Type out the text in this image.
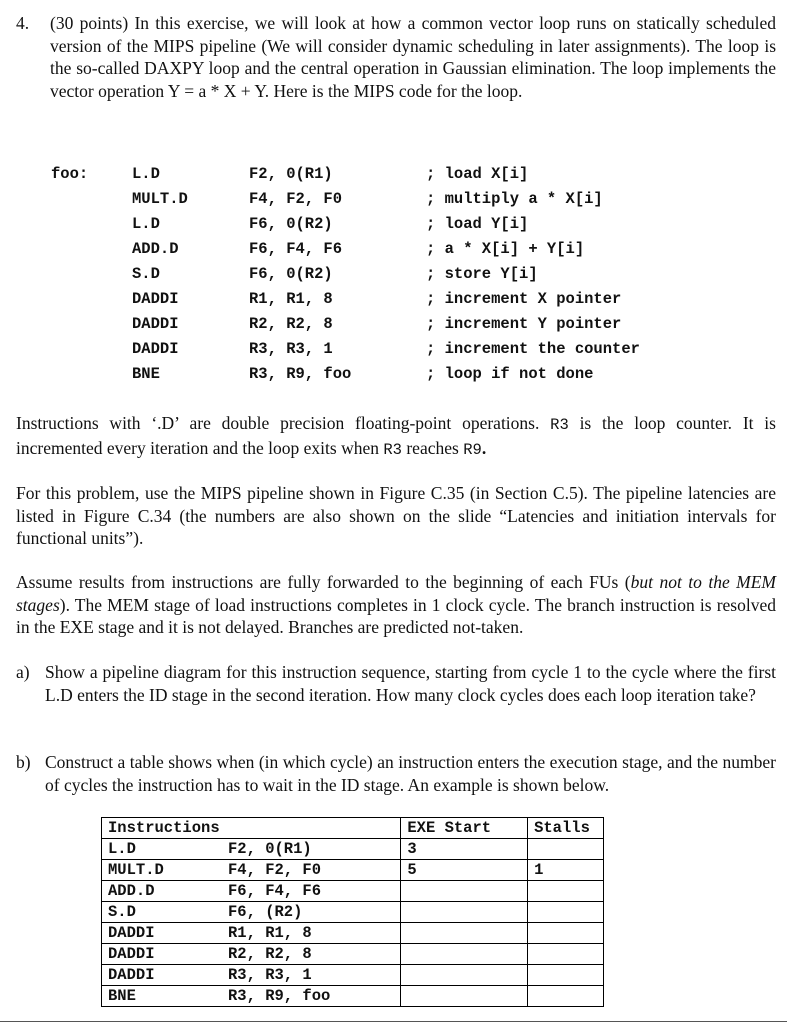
4. (30 points) In this exercise, we will look at how a common vector loop runs on statically scheduled version of the MIPS pipeline (We will consider dynamic scheduling in later assignments). The loop is the so-called DAXPY loop and the central operation in Gaussian elimination. The loop implements the vector operation Y = a * X + Y. Here is the MIPS code for the loop.
foo:	L.D	F2, 0(R1)	; load X[i]
MULT.D	F4, F2, F0	; multiply a * X[i]
L.D	F6, 0(R2)	; load Y[i]
ADD.D	F6, F4, F6	; a * X[i] + Y[i]
S.D	F6, 0(R2)	; store Y[i]
DADDI	R1, R1, 8	; increment X pointer
DADDI	R2, R2, 8	; increment Y pointer
DADDI	R3, R3, 1	; increment the counter
BNE	R3, R9, foo	; loop if not done
Instructions with ‘.D’ are double precision floating-point operations. R3 is the loop counter. It is incremented every iteration and the loop exits when R3 reaches R9.
For this problem, use the MIPS pipeline shown in Figure C.35 (in Section C.5). The pipeline latencies are listed in Figure C.34 (the numbers are also shown on the slide “Latencies and initiation intervals for functional units”).
Assume results from instructions are fully forwarded to the beginning of each FUs (but not to the MEM stages). The MEM stage of load instructions completes in 1 clock cycle. The branch instruction is resolved in the EXE stage and it is not delayed. Branches are predicted not-taken.
a) Show a pipeline diagram for this instruction sequence, starting from cycle 1 to the cycle where the first L.D enters the ID stage in the second iteration. How many clock cycles does each loop iteration take?
b) Construct a table shows when (in which cycle) an instruction enters the execution stage, and the number of cycles the instruction has to wait in the ID stage. An example is shown below.
Instructions	EXE Start	Stalls
L.D F2, 0(R1)	3	
MULT.D F4, F2, F0	5	1
ADD.D F6, F4, F6		
S.D F6, (R2)		
DADDI R1, R1, 8		
DADDI R2, R2, 8		
DADDI R3, R3, 1		
BNE R3, R9, foo		
